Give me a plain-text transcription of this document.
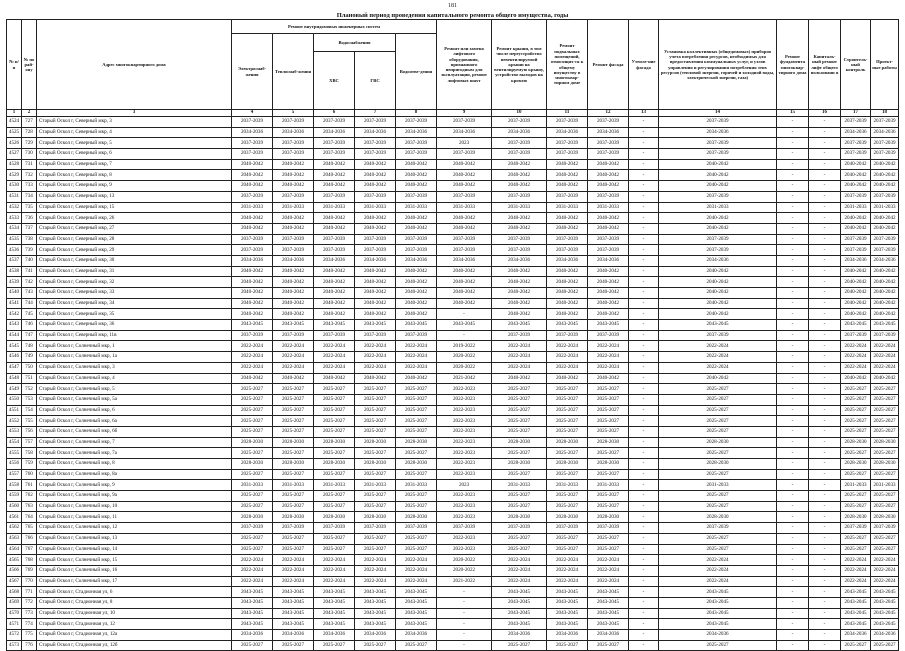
181
Плановый период проведения капитального ремонта общего имущества, годы
№ п/п	№ по рай-ону	Адрес многоквартирного дома	Ремонт внутридомовых инженерных систем					Ремонт или замена лифтового оборудования, признанного непригодным для эксплуатации, ремонт лифтовых шахт	Ремонт крыши, в том числе переустройство невентилируемой крыши на вентилируемую крышу, устройство выходов на кровлю	Ремонт подвальных помещений, относящих-ся к общему имуществу в многоквар-тирном доме	Ремонт фасада	Утепле-ние фасада	Установка коллективных (общедомовых) приборов учета потребления ресурсов, необходимых для предоставления коммунальных услуг, и узлов управления и регулирования потребления этих ресурсов (тепловой энергии, горячей и холодной воды, электрической энергии, газа)	Ремонт фундамента многоквар-тирного дома	Капиталь-ный ремонт лифт общего пользовани я	Строитель-ный контроль	Проект-ные работы
			Электроснаб-жения	Теплоснаб-жения	Водоснабжения		Водоотве-дения										
					ХВС	ГВС											
1	2	3	4	5	6	7	8	9	10	11	12	13	14	15	16	17	18
4524	727	Старый Оскол г, Северный мкр, 3	2037-2039	2037-2039	2037-2039	2037-2039	2037-2039	2037-2039	2037-2039	2037-2039	2037-2039	-	2037-2039	-	-	2037-2039	2037-2039
4525	728	Старый Оскол г, Северный мкр, 4	2034-2036	2034-2036	2034-2036	2034-2036	2034-2036	2034-2036	2034-2036	2034-2036	2034-2036	-	2034-2036	-	-	2034-2036	2034-2036
4526	729	Старый Оскол г, Северный мкр, 5	2037-2039	2037-2039	2037-2039	2037-2039	2037-2039	2023	2037-2039	2037-2039	2037-2039	-	2037-2039	-	-	2037-2039	2037-2039
4527	730	Старый Оскол г, Северный мкр, 6	2037-2039	2037-2039	2037-2039	2037-2039	2037-2039	2037-2039	2037-2039	2037-2039	2037-2039	-	2037-2039	-	-	2037-2039	2037-2039
4528	731	Старый Оскол г, Северный мкр, 7	2040-2042	2040-2042	2040-2042	2040-2042	2040-2042	2040-2042	2040-2042	2040-2042	2040-2042	-	2040-2042	-	-	2040-2042	2040-2042
4529	732	Старый Оскол г, Северный мкр, 8	2040-2042	2040-2042	2040-2042	2040-2042	2040-2042	2040-2042	2040-2042	2040-2042	2040-2042	-	2040-2042	-	-	2040-2042	2040-2042
4530	733	Старый Оскол г, Северный мкр, 9	2040-2042	2040-2042	2040-2042	2040-2042	2040-2042	2040-2042	2040-2042	2040-2042	2040-2042	-	2040-2042	-	-	2040-2042	2040-2042
4531	734	Старый Оскол г, Северный мкр, 13	2037-2039	2037-2039	2037-2039	2037-2039	2037-2039	2037-2039	2037-2039	2037-2039	2037-2039	-	2037-2039	-	-	2037-2039	2037-2039
4532	735	Старый Оскол г, Северный мкр, 15	2031-2033	2031-2033	2031-2033	2031-2033	2031-2033	2031-2033	2031-2033	2031-2033	2031-2033	-	2031-2033	-	-	2031-2033	2031-2033
4533	736	Старый Оскол г, Северный мкр, 26	2040-2042	2040-2042	2040-2042	2040-2042	2040-2042	2040-2042	2040-2042	2040-2042	2040-2042	-	2040-2042	-	-	2040-2042	2040-2042
4534	737	Старый Оскол г, Северный мкр, 27	2040-2042	2040-2042	2040-2042	2040-2042	2040-2042	2040-2042	2040-2042	2040-2042	2040-2042	-	2040-2042	-	-	2040-2042	2040-2042
4535	738	Старый Оскол г, Северный мкр, 28	2037-2039	2037-2039	2037-2039	2037-2039	2037-2039	2037-2039	2037-2039	2037-2039	2037-2039	-	2037-2039	-	-	2037-2039	2037-2039
4536	739	Старый Оскол г, Северный мкр, 29	2037-2039	2037-2039	2037-2039	2037-2039	2037-2039	2037-2039	2037-2039	2037-2039	2037-2039	-	2037-2039	-	-	2037-2039	2037-2039
4537	740	Старый Оскол г, Северный мкр, 30	2034-2036	2034-2036	2034-2036	2034-2036	2034-2036	2034-2036	2034-2036	2034-2036	2034-2036	-	2034-2036	-	-	2034-2036	2034-2036
4538	741	Старый Оскол г, Северный мкр, 31	2040-2042	2040-2042	2040-2042	2040-2042	2040-2042	2040-2042	2040-2042	2040-2042	2040-2042	-	2040-2042	-	-	2040-2042	2040-2042
4539	742	Старый Оскол г, Северный мкр, 32	2040-2042	2040-2042	2040-2042	2040-2042	2040-2042	2040-2042	2040-2042	2040-2042	2040-2042	-	2040-2042	-	-	2040-2042	2040-2042
4540	743	Старый Оскол г, Северный мкр, 33	2040-2042	2040-2042	2040-2042	2040-2042	2040-2042	2040-2042	2040-2042	2040-2042	2040-2042	-	2040-2042	-	-	2040-2042	2040-2042
4541	744	Старый Оскол г, Северный мкр, 34	2040-2042	2040-2042	2040-2042	2040-2042	2040-2042	2040-2042	2040-2042	2040-2042	2040-2042	-	2040-2042	-	-	2040-2042	2040-2042
4542	745	Старый Оскол г, Северный мкр, 35	2040-2042	2040-2042	2040-2042	2040-2042	2040-2042	-	2040-2042	2040-2042	2040-2042	-	2040-2042	-	-	2040-2042	2040-2042
4543	746	Старый Оскол г, Северный мкр, 36	2043-2045	2043-2045	2043-2045	2043-2045	2043-2045	2043-2045	2043-2045	2043-2045	2043-2045	-	2043-2045	-	-	2043-2045	2043-2045
4544	747	Старый Оскол г, Северный мкр, 11в	2037-2039	2037-2039	2037-2039	2037-2039	2037-2039	-	2037-2039	2037-2039	2037-2039	-	2037-2039	-	-	2037-2039	2037-2039
4545	748	Старый Оскол г, Солнечный мкр, 1	2022-2024	2022-2024	2022-2024	2022-2024	2022-2024	2019-2022	2022-2024	2022-2024	2022-2024	-	2022-2024	-	-	2022-2024	2022-2024
4546	749	Старый Оскол г, Солнечный мкр, 1а	2022-2024	2022-2024	2022-2024	2022-2024	2022-2024	2020-2022	2022-2024	2022-2024	2022-2024	-	2022-2024	-	-	2022-2024	2022-2024
4547	750	Старый Оскол г, Солнечный мкр, 3	2022-2024	2022-2024	2022-2024	2022-2024	2022-2024	2020-2022	2022-2024	2022-2024	2022-2024	-	2022-2024	-	-	2022-2024	2022-2024
4548	751	Старый Оскол г, Солнечный мкр, 4	2040-2042	2040-2042	2040-2042	2040-2042	2040-2042	2021-2042	2040-2042	2040-2042	2040-2042	-	2040-2042	-	-	2040-2042	2040-2042
4549	752	Старый Оскол г, Солнечный мкр, 5	2025-2027	2025-2027	2025-2027	2025-2027	2025-2027	2022-2023	2025-2027	2025-2027	2025-2027	-	2025-2027	-	-	2025-2027	2025-2027
4550	753	Старый Оскол г, Солнечный мкр, 5а	2025-2027	2025-2027	2025-2027	2025-2027	2025-2027	2022-2023	2025-2027	2025-2027	2025-2027	-	2025-2027	-	-	2025-2027	2025-2027
4551	754	Старый Оскол г, Солнечный мкр, 6	2025-2027	2025-2027	2025-2027	2025-2027	2025-2027	2022-2023	2025-2027	2025-2027	2025-2027	-	2025-2027	-	-	2025-2027	2025-2027
4552	755	Старый Оскол г, Солнечный мкр, 6а	2025-2027	2025-2027	2025-2027	2025-2027	2025-2027	2022-2023	2025-2027	2025-2027	2025-2027	-	2025-2027	-	-	2025-2027	2025-2027
4553	756	Старый Оскол г, Солнечный мкр, 6б	2025-2027	2025-2027	2025-2027	2025-2027	2025-2027	2022-2023	2025-2027	2025-2027	2025-2027	-	2025-2027	-	-	2025-2027	2025-2027
4554	757	Старый Оскол г, Солнечный мкр, 7	2028-2030	2028-2030	2028-2030	2028-2030	2028-2030	2022-2023	2028-2030	2028-2030	2028-2030	-	2028-2030	-	-	2028-2030	2028-2030
4555	758	Старый Оскол г, Солнечный мкр, 7а	2025-2027	2025-2027	2025-2027	2025-2027	2025-2027	2022-2023	2025-2027	2025-2027	2025-2027	-	2025-2027	-	-	2025-2027	2025-2027
4556	759	Старый Оскол г, Солнечный мкр, 8	2028-2030	2028-2030	2028-2030	2028-2030	2028-2030	2022-2023	2028-2030	2028-2030	2028-2030	-	2028-2030	-	-	2028-2030	2028-2030
4557	760	Старый Оскол г, Солнечный мкр, 8а	2025-2027	2025-2027	2025-2027	2025-2027	2025-2027	2022-2023	2025-2027	2025-2027	2025-2027	-	2025-2027	-	-	2025-2027	2025-2027
4558	761	Старый Оскол г, Солнечный мкр, 9	2031-2033	2031-2033	2031-2033	2031-2033	2031-2033	2023	2031-2033	2031-2033	2031-2033	-	2031-2033	-	-	2031-2033	2031-2033
4559	762	Старый Оскол г, Солнечный мкр, 9а	2025-2027	2025-2027	2025-2027	2025-2027	2025-2027	2022-2023	2025-2027	2025-2027	2025-2027	-	2025-2027	-	-	2025-2027	2025-2027
4560	763	Старый Оскол г, Солнечный мкр, 10	2025-2027	2025-2027	2025-2027	2025-2027	2025-2027	2022-2023	2025-2027	2025-2027	2025-2027	-	2025-2027	-	-	2025-2027	2025-2027
4561	764	Старый Оскол г, Солнечный мкр, 11	2028-2030	2028-2030	2028-2030	2028-2030	2028-2030	2022-2023	2028-2030	2028-2030	2028-2030	-	2028-2030	-	-	2028-2030	2028-2030
4562	765	Старый Оскол г, Солнечный мкр, 12	2037-2039	2037-2039	2037-2039	2037-2039	2037-2039	2037-2039	2037-2039	2037-2039	2037-2039	-	2037-2039	-	-	2037-2039	2037-2039
4563	766	Старый Оскол г, Солнечный мкр, 13	2025-2027	2025-2027	2025-2027	2025-2027	2025-2027	2022-2023	2025-2027	2025-2027	2025-2027	-	2025-2027	-	-	2025-2027	2025-2027
4564	767	Старый Оскол г, Солнечный мкр, 14	2025-2027	2025-2027	2025-2027	2025-2027	2025-2027	2022-2023	2025-2027	2025-2027	2025-2027	-	2025-2027	-	-	2025-2027	2025-2027
4565	768	Старый Оскол г, Солнечный мкр, 15	2022-2024	2022-2024	2022-2024	2022-2024	2022-2024	2020-2022	2022-2024	2022-2024	2022-2024	-	2022-2024	-	-	2022-2024	2022-2024
4566	769	Старый Оскол г, Солнечный мкр, 16	2022-2024	2022-2024	2022-2024	2022-2024	2022-2024	2020-2022	2022-2024	2022-2024	2022-2024	-	2022-2024	-	-	2022-2024	2022-2024
4567	770	Старый Оскол г, Солнечный мкр, 17	2022-2024	2022-2024	2022-2024	2022-2024	2022-2024	2021-2022	2022-2024	2022-2024	2022-2024	-	2022-2024	-	-	2022-2024	2022-2024
4568	771	Старый Оскол г, Стадионная ул, 6	2043-2045	2043-2045	2043-2045	2043-2045	2043-2045	-	2043-2045	2043-2045	2043-2045	-	2043-2045	-	-	2043-2045	2043-2045
4569	772	Старый Оскол г, Стадионная ул, 8	2043-2045	2043-2045	2043-2045	2043-2045	2043-2045	-	2043-2045	2043-2045	2043-2045	-	2043-2045	-	-	2043-2045	2043-2045
4570	773	Старый Оскол г, Стадионная ул, 10	2043-2045	2043-2045	2043-2045	2043-2045	2043-2045	-	2043-2045	2043-2045	2043-2045	-	2043-2045	-	-	2043-2045	2043-2045
4571	774	Старый Оскол г, Стадионная ул, 12	2043-2045	2043-2045	2043-2045	2043-2045	2043-2045	-	2043-2045	2043-2045	2043-2045	-	2043-2045	-	-	2043-2045	2043-2045
4572	775	Старый Оскол г, Стадионная ул, 12а	2034-2036	2034-2036	2034-2036	2034-2036	2034-2036	-	2034-2036	2034-2036	2034-2036	-	2034-2036	-	-	2034-2036	2034-2036
4573	776	Старый Оскол г, Стадионная ул, 12б	2025-2027	2025-2027	2025-2027	2025-2027	2025-2027	-	2025-2027	2025-2027	2025-2027	-	2025-2027	-	-	2025-2027	2025-2027
